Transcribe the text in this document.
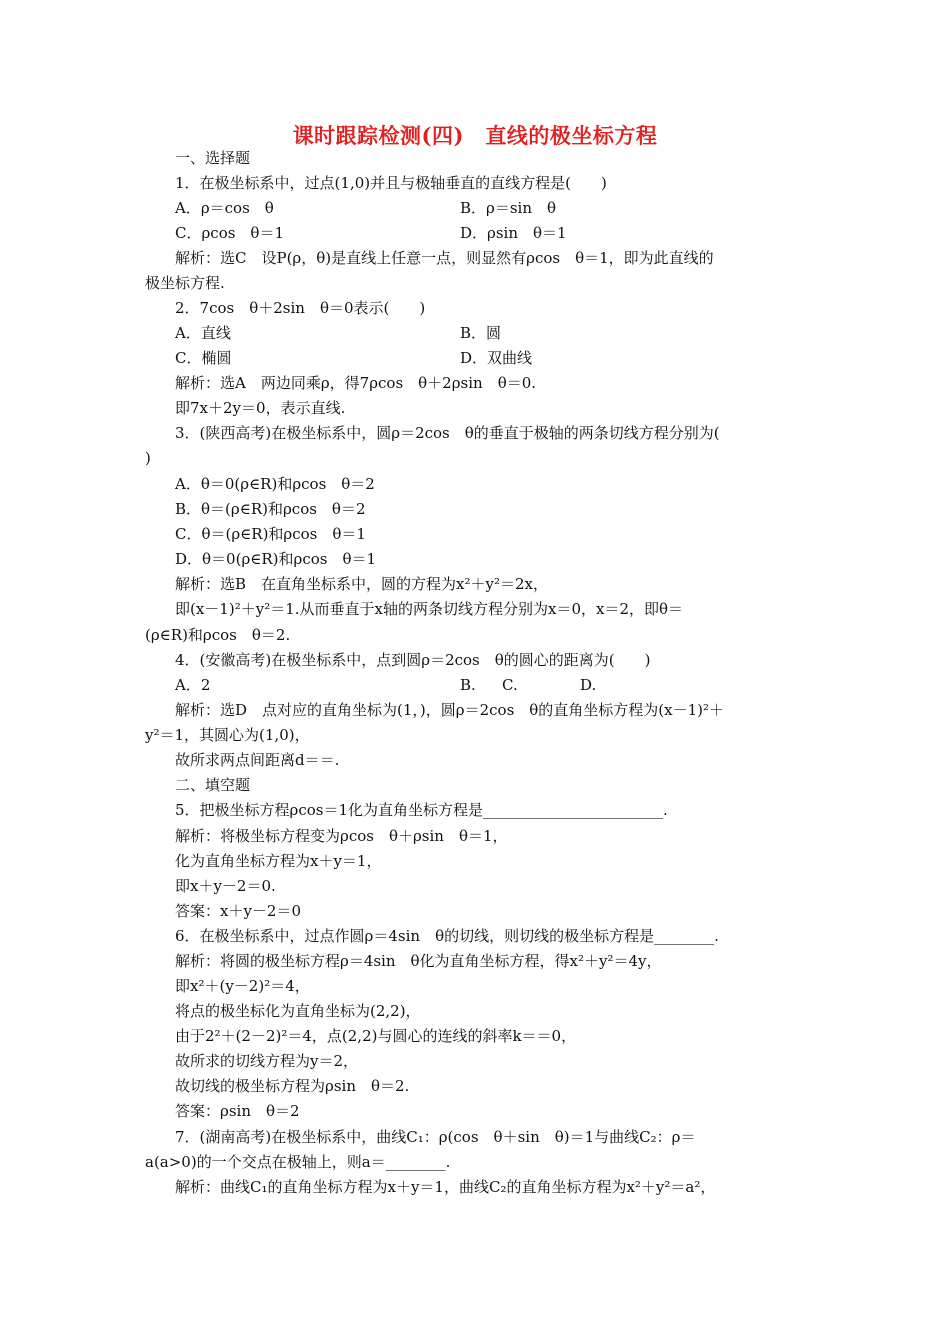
课时跟踪检测(四)　直线的极坐标方程
一、选择题
1．在极坐标系中，过点(1,0)并且与极轴垂直的直线方程是(　　)
A．ρ＝cos　θ	B．ρ＝sin　θ
C．ρcos　θ＝1	D．ρsin　θ＝1
解析：选C　设P(ρ，θ)是直线上任意一点，则显然有ρcos　θ＝1，即为此直线的
极坐标方程.
2．7cos　θ＋2sin　θ＝0表示(　　)
A．直线	B．圆
C．椭圆	D．双曲线
解析：选A　两边同乘ρ，得7ρcos　θ＋2ρsin　θ＝0.
即7x＋2y＝0，表示直线.
3．(陕西高考)在极坐标系中，圆ρ＝2cos　θ的垂直于极轴的两条切线方程分别为(
)
A．θ＝0(ρ∈R)和ρcos　θ＝2
B．θ＝(ρ∈R)和ρcos　θ＝2
C．θ＝(ρ∈R)和ρcos　θ＝1
D．θ＝0(ρ∈R)和ρcos　θ＝1
解析：选B　在直角坐标系中，圆的方程为x²＋y²＝2x，
即(x－1)²＋y²＝1.从而垂直于x轴的两条切线方程分别为x＝0，x＝2，即θ＝
(ρ∈R)和ρcos　θ＝2.
4．(安徽高考)在极坐标系中，点到圆ρ＝2cos　θ的圆心的距离为(　　)
A．2	B. C.	D.
解析：选D　点对应的直角坐标为(1，)，圆ρ＝2cos　θ的直角坐标方程为(x－1)²＋
y²＝1，其圆心为(1,0)，
故所求两点间距离d＝＝.
二、填空题
5．把极坐标方程ρcos＝1化为直角坐标方程是________________________.
解析：将极坐标方程变为ρcos　θ＋ρsin　θ＝1，
化为直角坐标方程为x＋y＝1，
即x＋y－2＝0.
答案：x＋y－2＝0
6．在极坐标系中，过点作圆ρ＝4sin　θ的切线，则切线的极坐标方程是________.
解析：将圆的极坐标方程ρ＝4sin　θ化为直角坐标方程，得x²＋y²＝4y，
即x²＋(y－2)²＝4，
将点的极坐标化为直角坐标为(2,2)，
由于2²＋(2－2)²＝4，点(2,2)与圆心的连线的斜率k＝＝0，
故所求的切线方程为y＝2，
故切线的极坐标方程为ρsin　θ＝2.
答案：ρsin　θ＝2
7．(湖南高考)在极坐标系中，曲线C₁：ρ(cos　θ＋sin　θ)＝1与曲线C₂：ρ＝
a(a>0)的一个交点在极轴上，则a＝________.
解析：曲线C₁的直角坐标方程为x＋y＝1，曲线C₂的直角坐标方程为x²＋y²＝a²，
